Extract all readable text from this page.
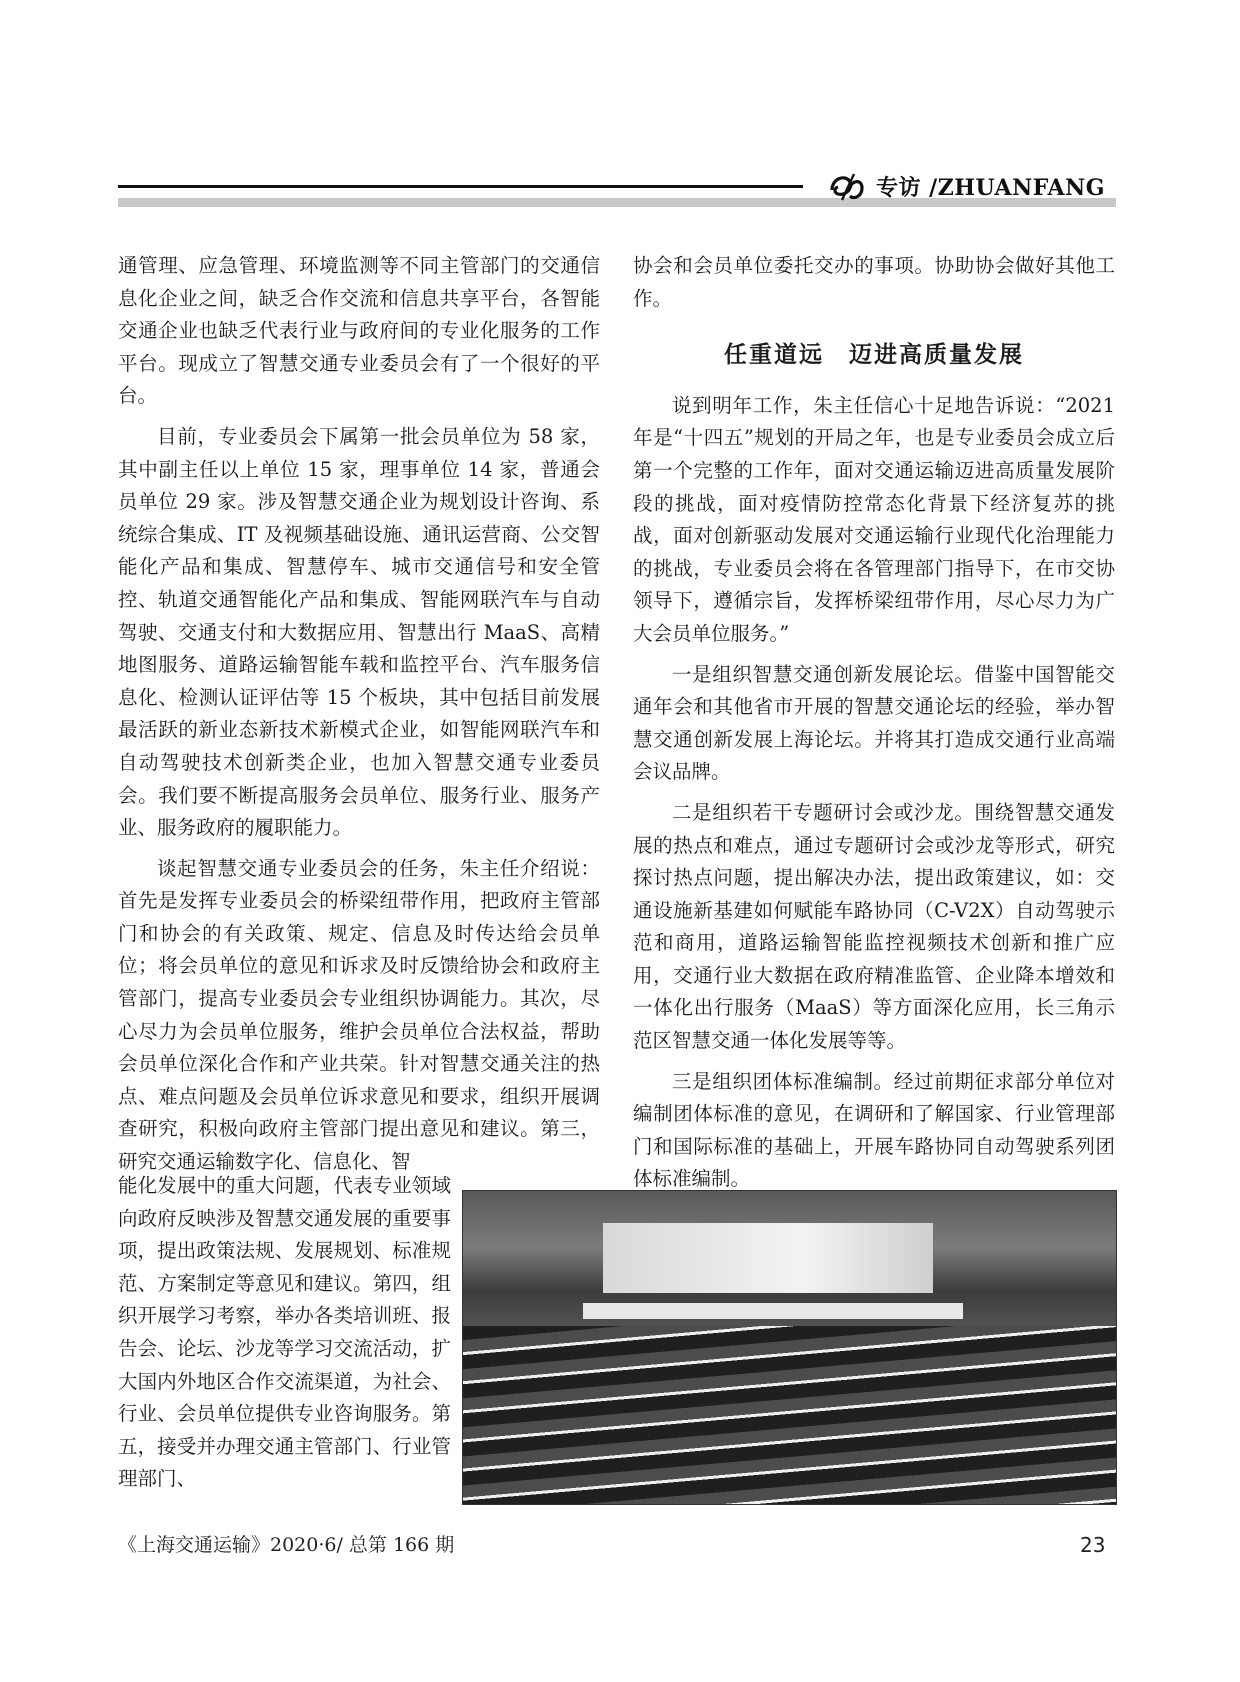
专访 /ZHUANFANG

通管理、应急管理、环境监测等不同主管部门的交通信息化企业之间，缺乏合作交流和信息共享平台，各智能交通企业也缺乏代表行业与政府间的专业化服务的工作平台。现成立了智慧交通专业委员会有了一个很好的平台。

目前，专业委员会下属第一批会员单位为 58 家，其中副主任以上单位 15 家，理事单位 14 家，普通会员单位 29 家。涉及智慧交通企业为规划设计咨询、系统综合集成、IT 及视频基础设施、通讯运营商、公交智能化产品和集成、智慧停车、城市交通信号和安全管控、轨道交通智能化产品和集成、智能网联汽车与自动驾驶、交通支付和大数据应用、智慧出行 MaaS、高精地图服务、道路运输智能车载和监控平台、汽车服务信息化、检测认证评估等 15 个板块，其中包括目前发展最活跃的新业态新技术新模式企业，如智能网联汽车和自动驾驶技术创新类企业，也加入智慧交通专业委员会。我们要不断提高服务会员单位、服务行业、服务产业、服务政府的履职能力。

谈起智慧交通专业委员会的任务，朱主任介绍说：首先是发挥专业委员会的桥梁纽带作用，把政府主管部门和协会的有关政策、规定、信息及时传达给会员单位；将会员单位的意见和诉求及时反馈给协会和政府主管部门，提高专业委员会专业组织协调能力。其次，尽心尽力为会员单位服务，维护会员单位合法权益，帮助会员单位深化合作和产业共荣。针对智慧交通关注的热点、难点问题及会员单位诉求意见和要求，组织开展调查研究，积极向政府主管部门提出意见和建议。第三，研究交通运输数字化、信息化、智

能化发展中的重大问题，代表专业领域向政府反映涉及智慧交通发展的重要事项，提出政策法规、发展规划、标准规范、方案制定等意见和建议。第四，组织开展学习考察，举办各类培训班、报告会、论坛、沙龙等学习交流活动，扩大国内外地区合作交流渠道，为社会、行业、会员单位提供专业咨询服务。第五，接受并办理交通主管部门、行业管理部门、

协会和会员单位委托交办的事项。协助协会做好其他工作。

任重道远　迈进高质量发展

说到明年工作，朱主任信心十足地告诉说：“2021 年是“十四五”规划的开局之年，也是专业委员会成立后第一个完整的工作年，面对交通运输迈进高质量发展阶段的挑战，面对疫情防控常态化背景下经济复苏的挑战，面对创新驱动发展对交通运输行业现代化治理能力的挑战，专业委员会将在各管理部门指导下，在市交协领导下，遵循宗旨，发挥桥梁纽带作用，尽心尽力为广大会员单位服务。”

一是组织智慧交通创新发展论坛。借鉴中国智能交通年会和其他省市开展的智慧交通论坛的经验，举办智慧交通创新发展上海论坛。并将其打造成交通行业高端会议品牌。

二是组织若干专题研讨会或沙龙。围绕智慧交通发展的热点和难点，通过专题研讨会或沙龙等形式，研究探讨热点问题，提出解决办法，提出政策建议，如：交通设施新基建如何赋能车路协同（C-V2X）自动驾驶示范和商用，道路运输智能监控视频技术创新和推广应用，交通行业大数据在政府精准监管、企业降本增效和一体化出行服务（MaaS）等方面深化应用，长三角示范区智慧交通一体化发展等等。

三是组织团体标准编制。经过前期征求部分单位对编制团体标准的意见，在调研和了解国家、行业管理部门和国际标准的基础上，开展车路协同自动驾驶系列团体标准编制。

《上海交通运输》2020·6/ 总第 166 期	23
